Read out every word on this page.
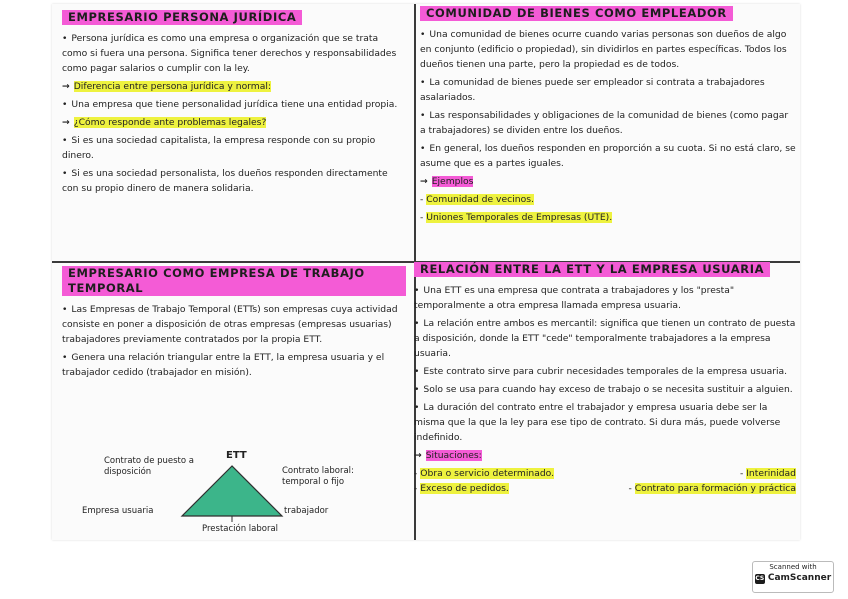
EMPRESARIO PERSONA JURÍDICA

• Persona jurídica es como una empresa o organización que se trata como si fuera una persona. Significa tener derechos y responsabilidades como pagar salarios o cumplir con la ley.

→ Diferencia entre persona jurídica y normal:

• Una empresa que tiene personalidad jurídica tiene una entidad propia.

→ ¿Cómo responde ante problemas legales?

• Si es una sociedad capitalista, la empresa responde con su propio dinero.

• Si es una sociedad personalista, los dueños responden directamente con su propio dinero de manera solidaria.

COMUNIDAD DE BIENES COMO EMPLEADOR

• Una comunidad de bienes ocurre cuando varias personas son dueños de algo en conjunto (edificio o propiedad), sin dividirlos en partes específicas. Todos los dueños tienen una parte, pero la propiedad es de todos.

• La comunidad de bienes puede ser empleador si contrata a trabajadores asalariados.

• Las responsabilidades y obligaciones de la comunidad de bienes (como pagar a trabajadores) se dividen entre los dueños.

• En general, los dueños responden en proporción a su cuota. Si no está claro, se asume que es a partes iguales.

→ Ejemplos

- Comunidad de vecinos.

- Uniones Temporales de Empresas (UTE).

EMPRESARIO COMO EMPRESA DE TRABAJO TEMPORAL

• Las Empresas de Trabajo Temporal (ETTs) son empresas cuya actividad consiste en poner a disposición de otras empresas (empresas usuarias) trabajadores previamente contratados por la propia ETT.

• Genera una relación triangular entre la ETT, la empresa usuaria y el trabajador cedido (trabajador en misión).

Contrato de puesto a disposición
ETT
Contrato laboral: temporal o fijo
Empresa usuaria	trabajador
Prestación laboral
RELACIÓN ENTRE LA ETT Y LA EMPRESA USUARIA

• Una ETT es una empresa que contrata a trabajadores y los "presta" temporalmente a otra empresa llamada empresa usuaria.

• La relación entre ambos es mercantil: significa que tienen un contrato de puesta a disposición, donde la ETT "cede" temporalmente trabajadores a la empresa usuaria.

• Este contrato sirve para cubrir necesidades temporales de la empresa usuaria.

• Solo se usa para cuando hay exceso de trabajo o se necesita sustituir a alguien.

• La duración del contrato entre el trabajador y empresa usuaria debe ser la misma que la que la ley para ese tipo de contrato. Si dura más, puede volverse indefinido.

→ Situaciones:

- Obra o servicio determinado.	- Interinidad
- Exceso de pedidos.	- Contrato para formación y práctica
Scanned with
CS CamScanner
